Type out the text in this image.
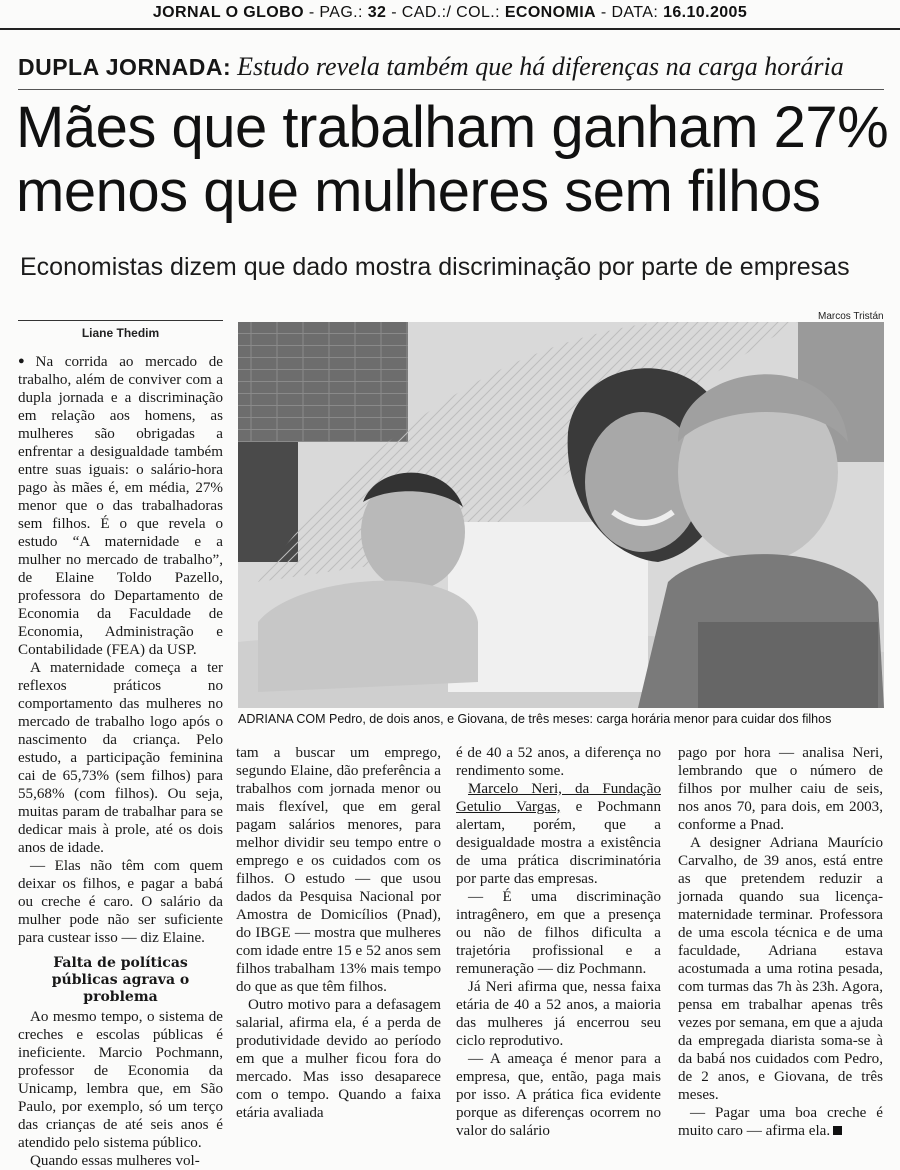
JORNAL O GLOBO - PAG.: 32 - CAD.:/ COL.: ECONOMIA - DATA: 16.10.2005
DUPLA JORNADA: Estudo revela também que há diferenças na carga horária
Mães que trabalham ganham 27%
menos que mulheres sem filhos
Economistas dizem que dado mostra discriminação por parte de empresas
Marcos Tristán
Liane Thedim
ADRIANA COM Pedro, de dois anos, e Giovana, de três meses: carga horária menor para cuidar dos filhos

● Na corrida ao mercado de trabalho, além de conviver com a dupla jornada e a discriminação em relação aos homens, as mulheres são obrigadas a enfrentar a desigualdade também entre suas iguais: o salário-hora pago às mães é, em média, 27% menor que o das trabalhadoras sem filhos. É o que revela o estudo “A maternidade e a mulher no mercado de trabalho”, de Elaine Toldo Pazello, professora do Departamento de Economia da Faculdade de Economia, Administração e Contabilidade (FEA) da USP.

A maternidade começa a ter reflexos práticos no comportamento das mulheres no mercado de trabalho logo após o nascimento da criança. Pelo estudo, a participação feminina cai de 65,73% (sem filhos) para 55,68% (com filhos). Ou seja, muitas param de trabalhar para se dedicar mais à prole, até os dois anos de idade.

— Elas não têm com quem deixar os filhos, e pagar a babá ou creche é caro. O salário da mulher pode não ser suficiente para custear isso — diz Elaine.

Falta de políticas públicas agrava o problema

Ao mesmo tempo, o sistema de creches e escolas públicas é ineficiente. Marcio Pochmann, professor de Economia da Unicamp, lembra que, em São Paulo, por exemplo, só um terço das crianças de até seis anos é atendido pelo sistema público.

Quando essas mulheres vol-

tam a buscar um emprego, segundo Elaine, dão preferência a trabalhos com jornada menor ou mais flexível, que em geral pagam salários menores, para melhor dividir seu tempo entre o emprego e os cuidados com os filhos. O estudo — que usou dados da Pesquisa Nacional por Amostra de Domicílios (Pnad), do IBGE — mostra que mulheres com idade entre 15 e 52 anos sem filhos trabalham 13% mais tempo do que as que têm filhos.

Outro motivo para a defasagem salarial, afirma ela, é a perda de produtividade devido ao período em que a mulher ficou fora do mercado. Mas isso desaparece com o tempo. Quando a faixa etária avaliada

é de 40 a 52 anos, a diferença no rendimento some.

Marcelo Neri, da Fundação Getulio Vargas, e Pochmann alertam, porém, que a desigualdade mostra a existência de uma prática discriminatória por parte das empresas.

— É uma discriminação intragênero, em que a presença ou não de filhos dificulta a trajetória profissional e a remuneração — diz Pochmann.

Já Neri afirma que, nessa faixa etária de 40 a 52 anos, a maioria das mulheres já encerrou seu ciclo reprodutivo.

— A ameaça é menor para a empresa, que, então, paga mais por isso. A prática fica evidente porque as diferenças ocorrem no valor do salário

pago por hora — analisa Neri, lembrando que o número de filhos por mulher caiu de seis, nos anos 70, para dois, em 2003, conforme a Pnad.

A designer Adriana Maurício Carvalho, de 39 anos, está entre as que pretendem reduzir a jornada quando sua licença-maternidade terminar. Professora de uma escola técnica e de uma faculdade, Adriana estava acostumada a uma rotina pesada, com turmas das 7h às 23h. Agora, pensa em trabalhar apenas três vezes por semana, em que a ajuda da empregada diarista soma-se à da babá nos cuidados com Pedro, de 2 anos, e Giovana, de três meses.

— Pagar uma boa creche é muito caro — afirma ela.
